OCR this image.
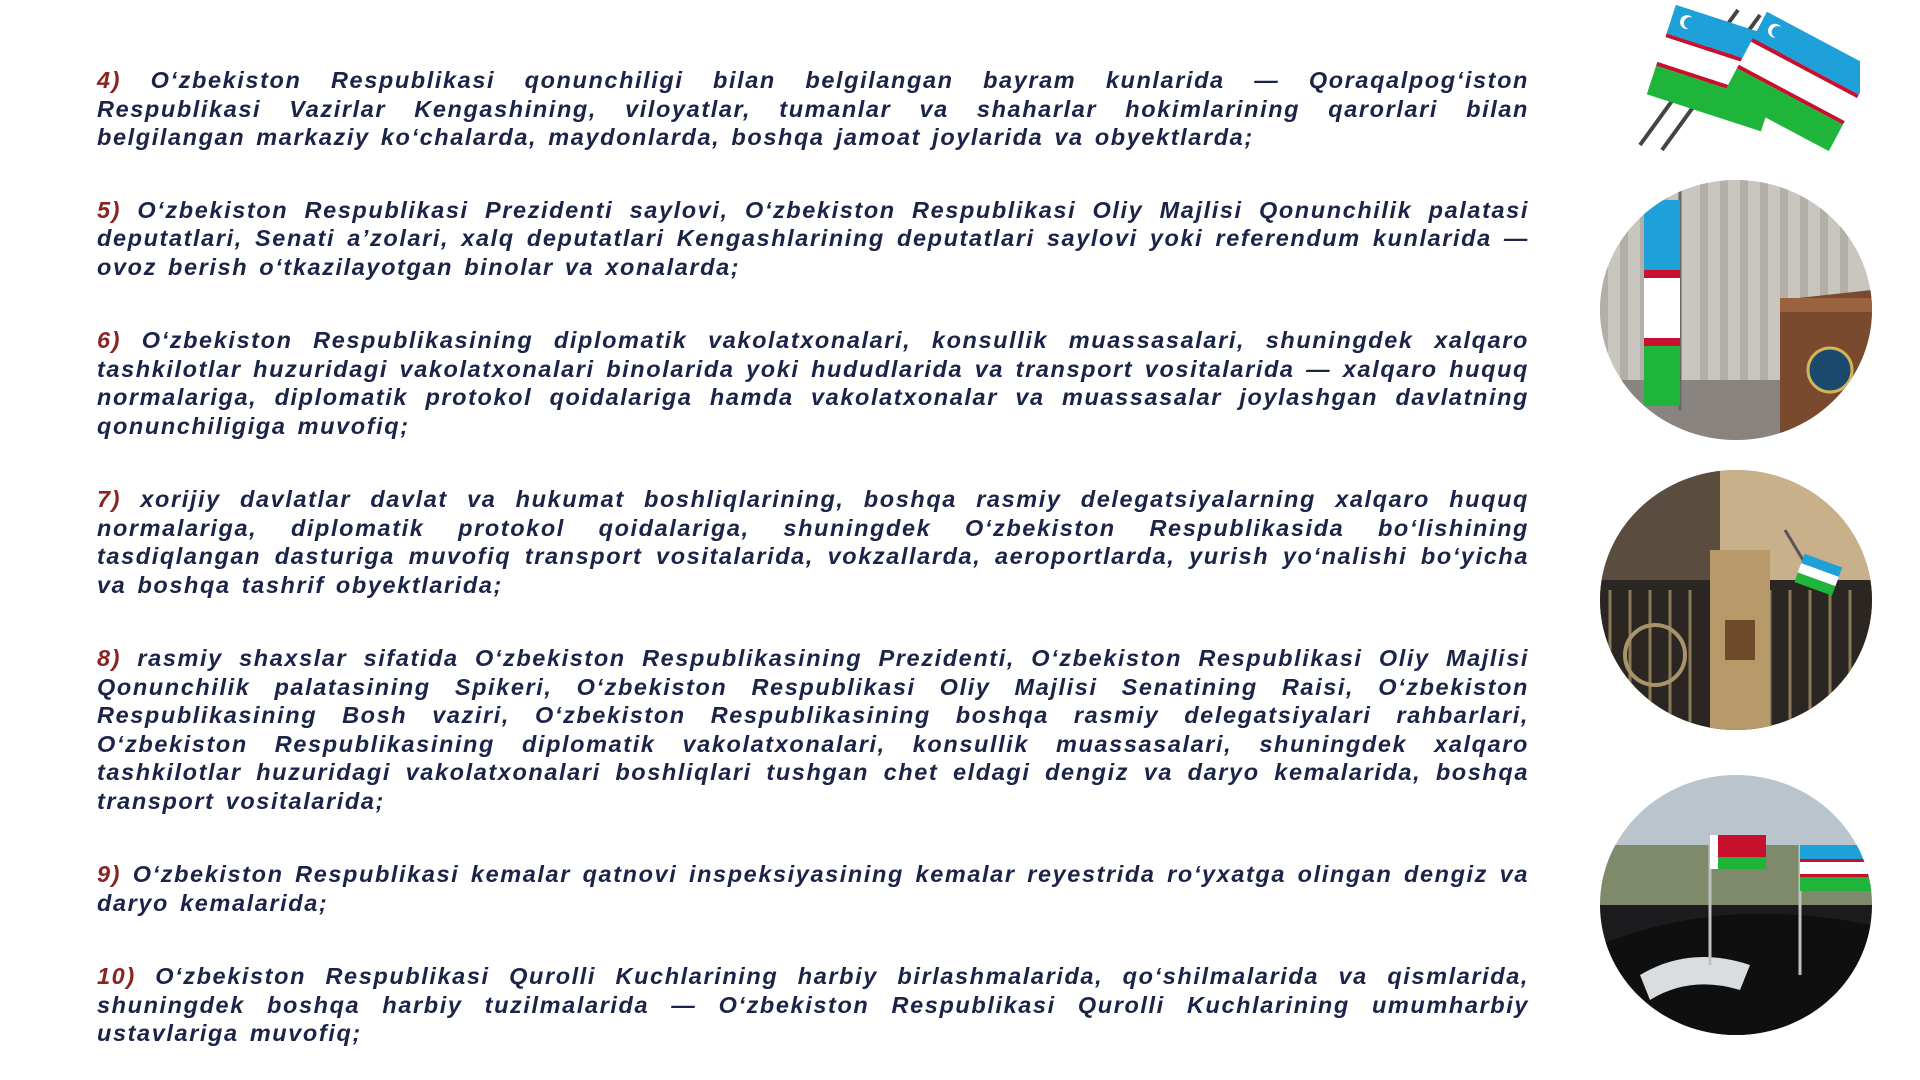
4) O‘zbekiston Respublikasi qonunchiligi bilan belgilangan bayram kunlarida — Qoraqalpog‘iston Respublikasi Vazirlar Kengashining, viloyatlar, tumanlar va shaharlar hokimlarining qarorlari bilan belgilangan markaziy ko‘chalarda, maydonlarda, boshqa jamoat joylarida va obyektlarda;

5) O‘zbekiston Respublikasi Prezidenti saylovi, O‘zbekiston Respublikasi Oliy Majlisi Qonunchilik palatasi deputatlari, Senati a’zolari, xalq deputatlari Kengashlarining deputatlari saylovi yoki referendum kunlarida — ovoz berish o‘tkazilayotgan binolar va xonalarda;

6) O‘zbekiston Respublikasining diplomatik vakolatxonalari, konsullik muassasalari, shuningdek xalqaro tashkilotlar huzuridagi vakolatxonalari binolarida yoki hududlarida va transport vositalarida — xalqaro huquq normalariga, diplomatik protokol qoidalariga hamda vakolatxonalar va muassasalar joylashgan davlatning qonunchiligiga muvofiq;

7) xorijiy davlatlar davlat va hukumat boshliqlarining, boshqa rasmiy delegatsiyalarning xalqaro huquq normalariga, diplomatik protokol qoidalariga, shuningdek O‘zbekiston Respublikasida bo‘lishining tasdiqlangan dasturiga muvofiq transport vositalarida, vokzallarda, aeroportlarda, yurish yo‘nalishi bo‘yicha va boshqa tashrif obyektlarida;

8) rasmiy shaxslar sifatida O‘zbekiston Respublikasining Prezidenti, O‘zbekiston Respublikasi Oliy Majlisi Qonunchilik palatasining Spikeri, O‘zbekiston Respublikasi Oliy Majlisi Senatining Raisi, O‘zbekiston Respublikasining Bosh vaziri, O‘zbekiston Respublikasining boshqa rasmiy delegatsiyalari rahbarlari, O‘zbekiston Respublikasining diplomatik vakolatxonalari, konsullik muassasalari, shuningdek xalqaro tashkilotlar huzuridagi vakolatxonalari boshliqlari tushgan chet eldagi dengiz va daryo kemalarida, boshqa transport vositalarida;

9) O‘zbekiston Respublikasi kemalar qatnovi inspeksiyasining kemalar reyestrida ro‘yxatga olingan dengiz va daryo kemalarida;

10) O‘zbekiston Respublikasi Qurolli Kuchlarining harbiy birlashmalarida, qo‘shilmalarida va qismlarida, shuningdek boshqa harbiy tuzilmalarida — O‘zbekiston Respublikasi Qurolli Kuchlarining umumharbiy ustavlariga muvofiq;
